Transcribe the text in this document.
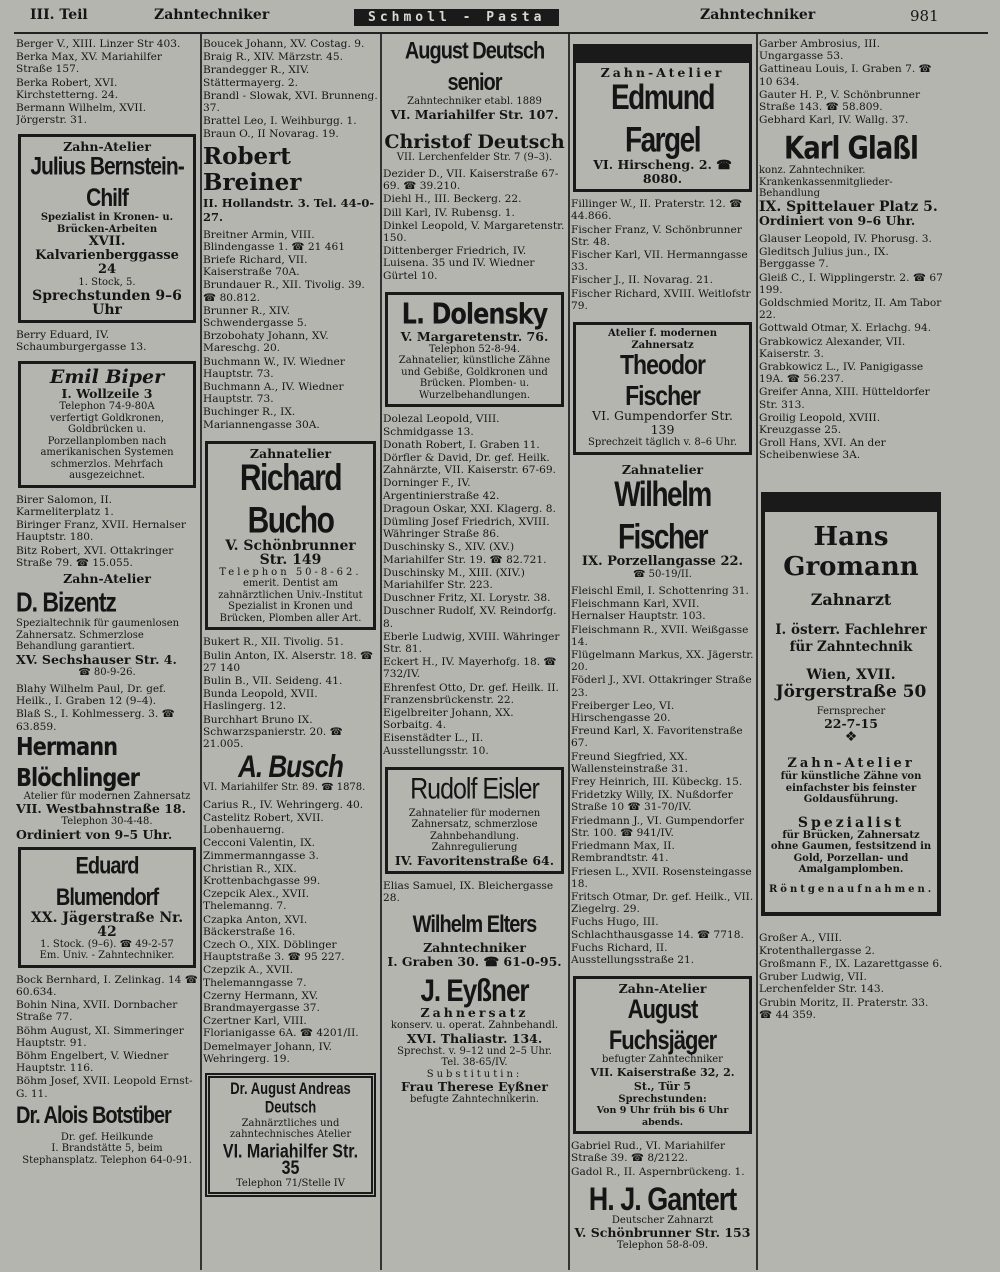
III. Teil	Zahntechniker	Schmoll - Pasta	Zahntechniker	981
Berger V., XIII. Linzer Str 403.
Berka Max, XV. Mariahilfer Straße 157.
Berka Robert, XVI. Kirchstetterng. 24.
Bermann Wilhelm, XVII. Jörgerstr. 31.
Zahn-Atelier
Julius Bernstein-Chilf
Spezialist in Kronen- u. Brücken-Arbeiten
XVII. Kalvarienberggasse 24
1. Stock, 5.
Sprechstunden 9–6 Uhr
Berry Eduard, IV. Schaumburgergasse 13.
Emil Biper
I. Wollzeile 3
Telephon 74-9-80A
verfertigt Goldkronen, Goldbrücken u. Porzellanplomben nach amerikanischen Systemen schmerzlos. Mehrfach ausgezeichnet.
Birer Salomon, II. Karmeliterplatz 1.
Biringer Franz, XVII. Hernalser Hauptstr. 180.
Bitz Robert, XVI. Ottakringer Straße 79. ☎ 15.055.
Zahn-Atelier
D. Bizentz
Spezialtechnik für gaumenlosen Zahnersatz. Schmerzlose Behandlung garantiert.
XV. Sechshauser Str. 4.
☎ 80-9-26.
Blahy Wilhelm Paul, Dr. gef. Heilk., I. Graben 12 (9–4).
Blaß S., I. Kohlmesserg. 3. ☎ 63.859.
Hermann Blöchlinger
Atelier für modernen Zahnersatz
VII. Westbahnstraße 18.
Telephon 30-4-48.
Ordiniert von 9–5 Uhr.
Eduard Blumendorf
XX. Jägerstraße Nr. 42
1. Stock. (9–6). ☎ 49-2-57
Em. Univ. - Zahntechniker.
Bock Bernhard, I. Zelinkag. 14 ☎ 60.634.
Bohin Nina, XVII. Dornbacher Straße 77.
Böhm August, XI. Simmeringer Hauptstr. 91.
Böhm Engelbert, V. Wiedner Hauptstr. 116.
Böhm Josef, XVII. Leopold Ernst-G. 11.
Dr. Alois Botstiber
Dr. gef. Heilkunde
I. Brandstätte 5, beim Stephansplatz. Telephon 64-0-91.
Boucek Johann, XV. Costag. 9.
Braig R., XIV. Märzstr. 45.
Brandegger R., XIV. Stättermayerg. 2.
Brandl - Slowak, XVI. Brunneng. 37.
Brattel Leo, I. Weihburgg. 1.
Braun O., II Novarag. 19.
Robert Breiner
II. Hollandstr. 3. Tel. 44-0-27.
Breitner Armin, VIII. Blindengasse 1. ☎ 21 461
Briefe Richard, VII. Kaiserstraße 70A.
Brundauer R., XII. Tivolig. 39. ☎ 80.812.
Brunner R., XIV. Schwendergasse 5.
Brzobohaty Johann, XV. Mareschg. 20.
Buchmann W., IV. Wiedner Hauptstr. 73.
Buchmann A., IV. Wiedner Hauptstr. 73.
Buchinger R., IX. Mariannengasse 30A.
Zahnatelier
Richard Bucho
V. Schönbrunner Str. 149
Telephon 50-8-62.
emerit. Dentist am zahnärztlichen Univ.-Institut
Spezialist in Kronen und Brücken, Plomben aller Art.
Bukert R., XII. Tivolig. 51.
Bulin Anton, IX. Alserstr. 18. ☎ 27 140
Bulin B., VII. Seideng. 41.
Bunda Leopold, XVII. Haslingerg. 12.
Burchhart Bruno IX. Schwarzspanierstr. 20. ☎ 21.005.
A. Busch
VI. Mariahilfer Str. 89. ☎ 1878.
Carius R., IV. Wehringerg. 40.
Castelitz Robert, XVII. Lobenhauerng.
Cecconi Valentin, IX. Zimmermanngasse 3.
Christian R., XIX. Krottenbachgasse 99.
Czepcik Alex., XVII. Thelemanng. 7.
Czapka Anton, XVI. Bäckerstraße 16.
Czech O., XIX. Döblinger Hauptstraße 3. ☎ 95 227.
Czepzik A., XVII. Thelemanngasse 7.
Czerny Hermann, XV. Brandmayergasse 37.
Czertner Karl, VIII. Florianigasse 6A. ☎ 4201/II.
Demelmayer Johann, IV. Wehringerg. 19.
Dr. August Andreas Deutsch
Zahnärztliches und zahntechnisches Atelier
VI. Mariahilfer Str. 35
Telephon 71/Stelle IV
August Deutsch senior
Zahntechniker etabl. 1889
VI. Mariahilfer Str. 107.
Christof Deutsch
VII. Lerchenfelder Str. 7 (9–3).
Dezider D., VII. Kaiserstraße 67-69. ☎ 39.210.
Diehl H., III. Beckerg. 22.
Dill Karl, IV. Rubensg. 1.
Dinkel Leopold, V. Margaretenstr. 150.
Dittenberger Friedrich, IV. Luisena. 35 und IV. Wiedner Gürtel 10.
L. Dolensky
V. Margaretenstr. 76.
Telephon 52-8-94.
Zahnatelier, künstliche Zähne und Gebiße, Goldkronen und Brücken. Plomben- u. Wurzelbehandlungen.
Dolezal Leopold, VIII. Schmidgasse 13.
Donath Robert, I. Graben 11.
Dörfler & David, Dr. gef. Heilk. Zahnärzte, VII. Kaiserstr. 67-69.
Dorninger F., IV. Argentinierstraße 42.
Dragoun Oskar, XXI. Klagerg. 8.
Dümling Josef Friedrich, XVIII. Währinger Straße 86.
Duschinsky S., XIV. (XV.) Mariahilfer Str. 19. ☎ 82.721.
Duschinsky M., XIII. (XIV.) Mariahilfer Str. 223.
Duschner Fritz, XI. Lorystr. 38.
Duschner Rudolf, XV. Reindorfg. 8.
Eberle Ludwig, XVIII. Währinger Str. 81.
Eckert H., IV. Mayerhofg. 18. ☎ 732/IV.
Ehrenfest Otto, Dr. gef. Heilk. II. Franzensbrückenstr. 22.
Eigelbreiter Johann, XX. Sorbaitg. 4.
Eisenstädter L., II. Ausstellungsstr. 10.
Rudolf Eisler
Zahnatelier für modernen Zahnersatz, schmerzlose Zahnbehandlung. Zahnregulierung
IV. Favoritenstraße 64.
Elias Samuel, IX. Bleichergasse 28.
Wilhelm Elters
Zahntechniker
I. Graben 30. ☎ 61-0-95.
J. Eyßner
Zahnersatz
konserv. u. operat. Zahnbehandl.
XVI. Thaliastr. 134.
Sprechst. v. 9–12 und 2–5 Uhr.
Tel. 38-65/IV.
Substitutin:
Frau Therese Eyßner
befugte Zahntechnikerin.

Zahn-Atelier
Edmund Fargel
VI. Hirscheng. 2. ☎ 8080.
Fillinger W., II. Praterstr. 12. ☎ 44.866.
Fischer Franz, V. Schönbrunner Str. 48.
Fischer Karl, VII. Hermanngasse 33.
Fischer J., II. Novarag. 21.
Fischer Richard, XVIII. Weitlofstr 79.
Atelier f. modernen Zahnersatz
Theodor Fischer
VI. Gumpendorfer Str. 139
Sprechzeit täglich v. 8–6 Uhr.
Zahnatelier
Wilhelm Fischer
IX. Porzellangasse 22.
☎ 50-19/II.
Fleischl Emil, I. Schottenring 31.
Fleischmann Karl, XVII. Hernalser Hauptstr. 103.
Fleischmann R., XVII. Weißgasse 14.
Flügelmann Markus, XX. Jägerstr. 20.
Föderl J., XVI. Ottakringer Straße 23.
Freiberger Leo, VI. Hirschengasse 20.
Freund Karl, X. Favoritenstraße 67.
Freund Siegfried, XX. Wallensteinstraße 31.
Frey Heinrich, III. Kübeckg. 15.
Fridetzky Willy, IX. Nußdorfer Straße 10 ☎ 31-70/IV.
Friedmann J., VI. Gumpendorfer Str. 100. ☎ 941/IV.
Friedmann Max, II. Rembrandtstr. 41.
Friesen L., XVII. Rosensteingasse 18.
Fritsch Otmar, Dr. gef. Heilk., VII. Ziegelrg. 29.
Fuchs Hugo, III. Schlachthausgasse 14. ☎ 7718.
Fuchs Richard, II. Ausstellungsstraße 21.
Zahn-Atelier
August Fuchsjäger
befugter Zahntechniker
VII. Kaiserstraße 32, 2. St., Tür 5
Sprechstunden:
Von 9 Uhr früh bis 6 Uhr abends.
Gabriel Rud., VI. Mariahilfer Straße 39. ☎ 8/2122.
Gadol R., II. Aspernbrückeng. 1.
H. J. Gantert
Deutscher Zahnarzt
V. Schönbrunner Str. 153
Telephon 58-8-09.
Garber Ambrosius, III. Ungargasse 53.
Gattineau Louis, I. Graben 7. ☎ 10 634.
Gauter H. P., V. Schönbrunner Straße 143. ☎ 58.809.
Gebhard Karl, IV. Wallg. 37.
Karl Glaßl
konz. Zahntechniker. Krankenkassenmitglieder-Behandlung
IX. Spittelauer Platz 5.
Ordiniert von 9–6 Uhr.
Glauser Leopold, IV. Phorusg. 3.
Gleditsch Julius jun., IX. Berggasse 7.
Gleiß C., I. Wipplingerstr. 2. ☎ 67 199.
Goldschmied Moritz, II. Am Tabor 22.
Gottwald Otmar, X. Erlachg. 94.
Grabkowicz Alexander, VII. Kaiserstr. 3.
Grabkowicz L., IV. Panigigasse 19A. ☎ 56.237.
Greifer Anna, XIII. Hütteldorfer Str. 313.
Groilig Leopold, XVIII. Kreuzgasse 25.
Groll Hans, XVI. An der Scheibenwiese 3A.

Hans Gromann
Zahnarzt
I. österr. Fachlehrer für Zahntechnik
Wien, XVII.
Jörgerstraße 50
Fernsprecher
22-7-15
❖
Zahn-Atelier
für künstliche Zähne von einfachster bis feinster Goldausführung.
Spezialist
für Brücken, Zahnersatz ohne Gaumen, festsitzend in Gold, Porzellan- und Amalgamplomben.
Röntgenaufnahmen.
Großer A., VIII. Krotenthallergasse 2.
Großmann F., IX. Lazarettgasse 6.
Gruber Ludwig, VII. Lerchenfelder Str. 143.
Grubin Moritz, II. Praterstr. 33. ☎ 44 359.
